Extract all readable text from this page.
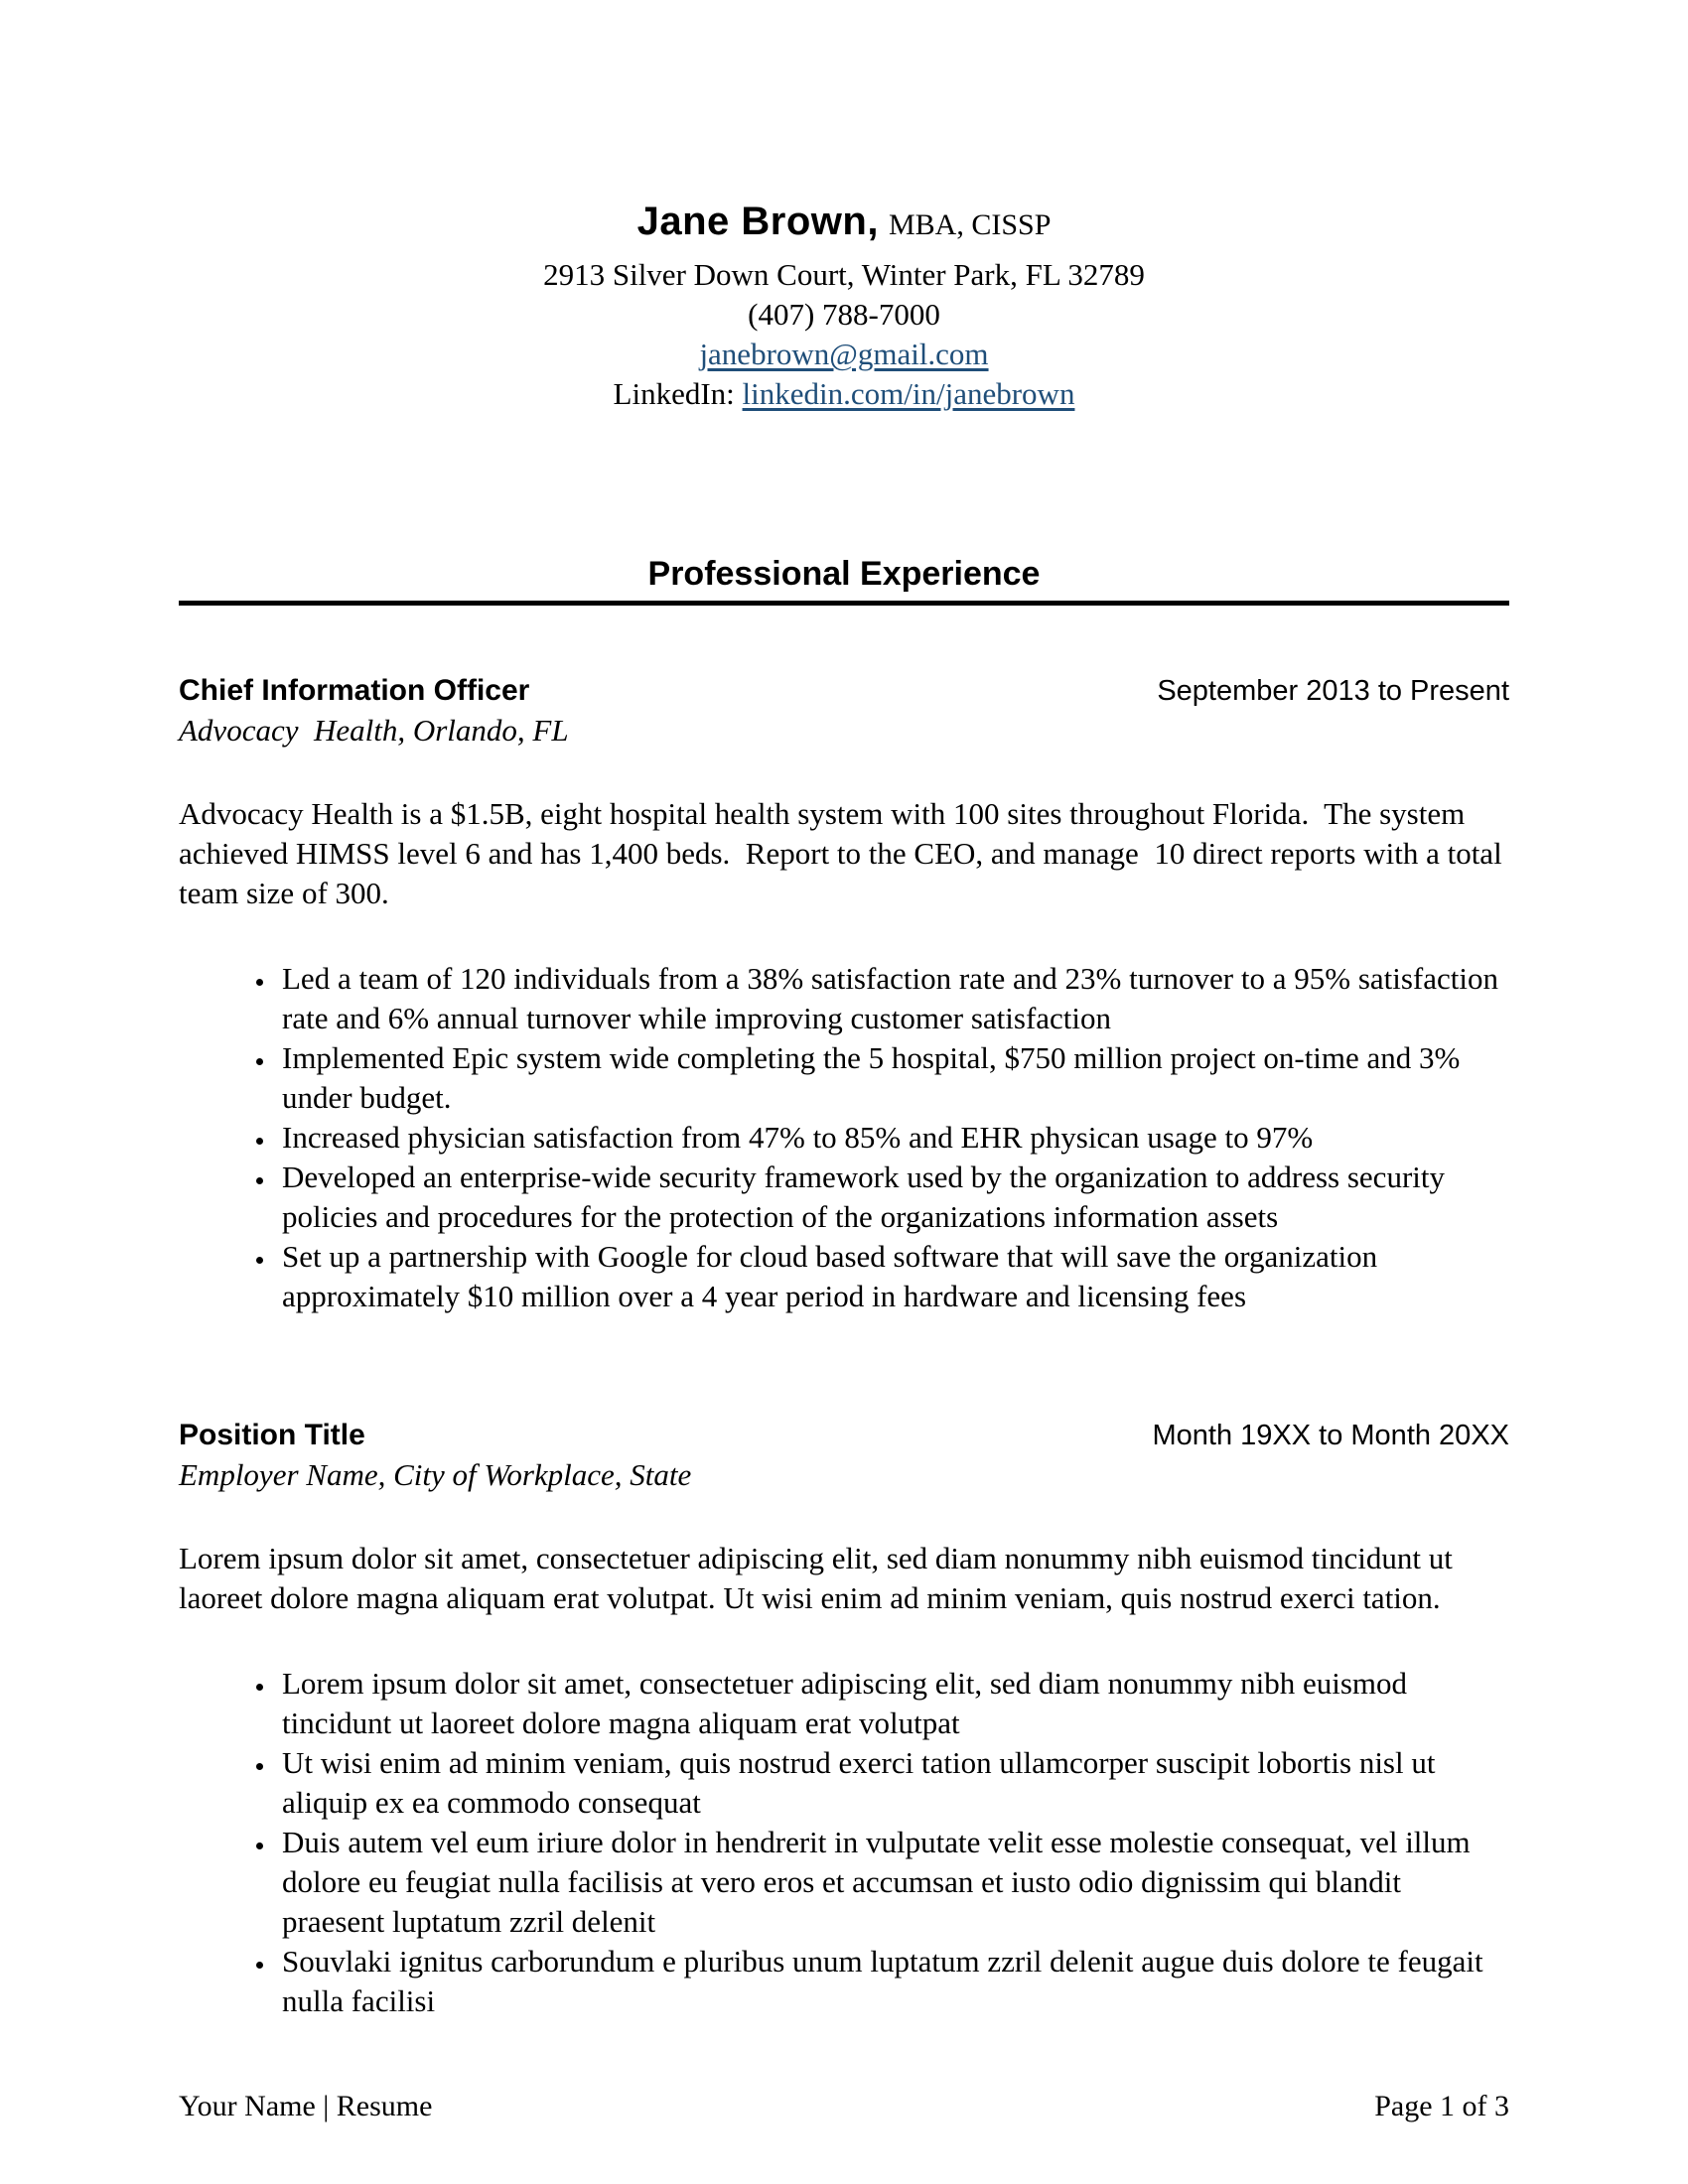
Jane Brown, MBA, CISSP
2913 Silver Down Court, Winter Park, FL 32789
(407) 788-7000
janebrown@gmail.com
LinkedIn: linkedin.com/in/janebrown
Professional Experience
Chief Information Officer	September 2013 to Present
Advocacy  Health, Orlando, FL

Advocacy Health is a $1.5B, eight hospital health system with 100 sites throughout Florida.  The system achieved HIMSS level 6 and has 1,400 beds.  Report to the CEO, and manage  10 direct reports with a total team size of 300.

• Led a team of 120 individuals from a 38% satisfaction rate and 23% turnover to a 95% satisfaction rate and 6% annual turnover while improving customer satisfaction
• Implemented Epic system wide completing the 5 hospital, $750 million project on-time and 3% under budget.
• Increased physician satisfaction from 47% to 85% and EHR physican usage to 97%
• Developed an enterprise-wide security framework used by the organization to address security policies and procedures for the protection of the organizations information assets
• Set up a partnership with Google for cloud based software that will save the organization approximately $10 million over a 4 year period in hardware and licensing fees
Position Title	Month 19XX to Month 20XX
Employer Name, City of Workplace, State

Lorem ipsum dolor sit amet, consectetuer adipiscing elit, sed diam nonummy nibh euismod tincidunt ut laoreet dolore magna aliquam erat volutpat. Ut wisi enim ad minim veniam, quis nostrud exerci tation.

• Lorem ipsum dolor sit amet, consectetuer adipiscing elit, sed diam nonummy nibh euismod tincidunt ut laoreet dolore magna aliquam erat volutpat
• Ut wisi enim ad minim veniam, quis nostrud exerci tation ullamcorper suscipit lobortis nisl ut aliquip ex ea commodo consequat
• Duis autem vel eum iriure dolor in hendrerit in vulputate velit esse molestie consequat, vel illum dolore eu feugiat nulla facilisis at vero eros et accumsan et iusto odio dignissim qui blandit praesent luptatum zzril delenit
• Souvlaki ignitus carborundum e pluribus unum luptatum zzril delenit augue duis dolore te feugait nulla facilisi
Your Name | Resume	Page 1 of 3
